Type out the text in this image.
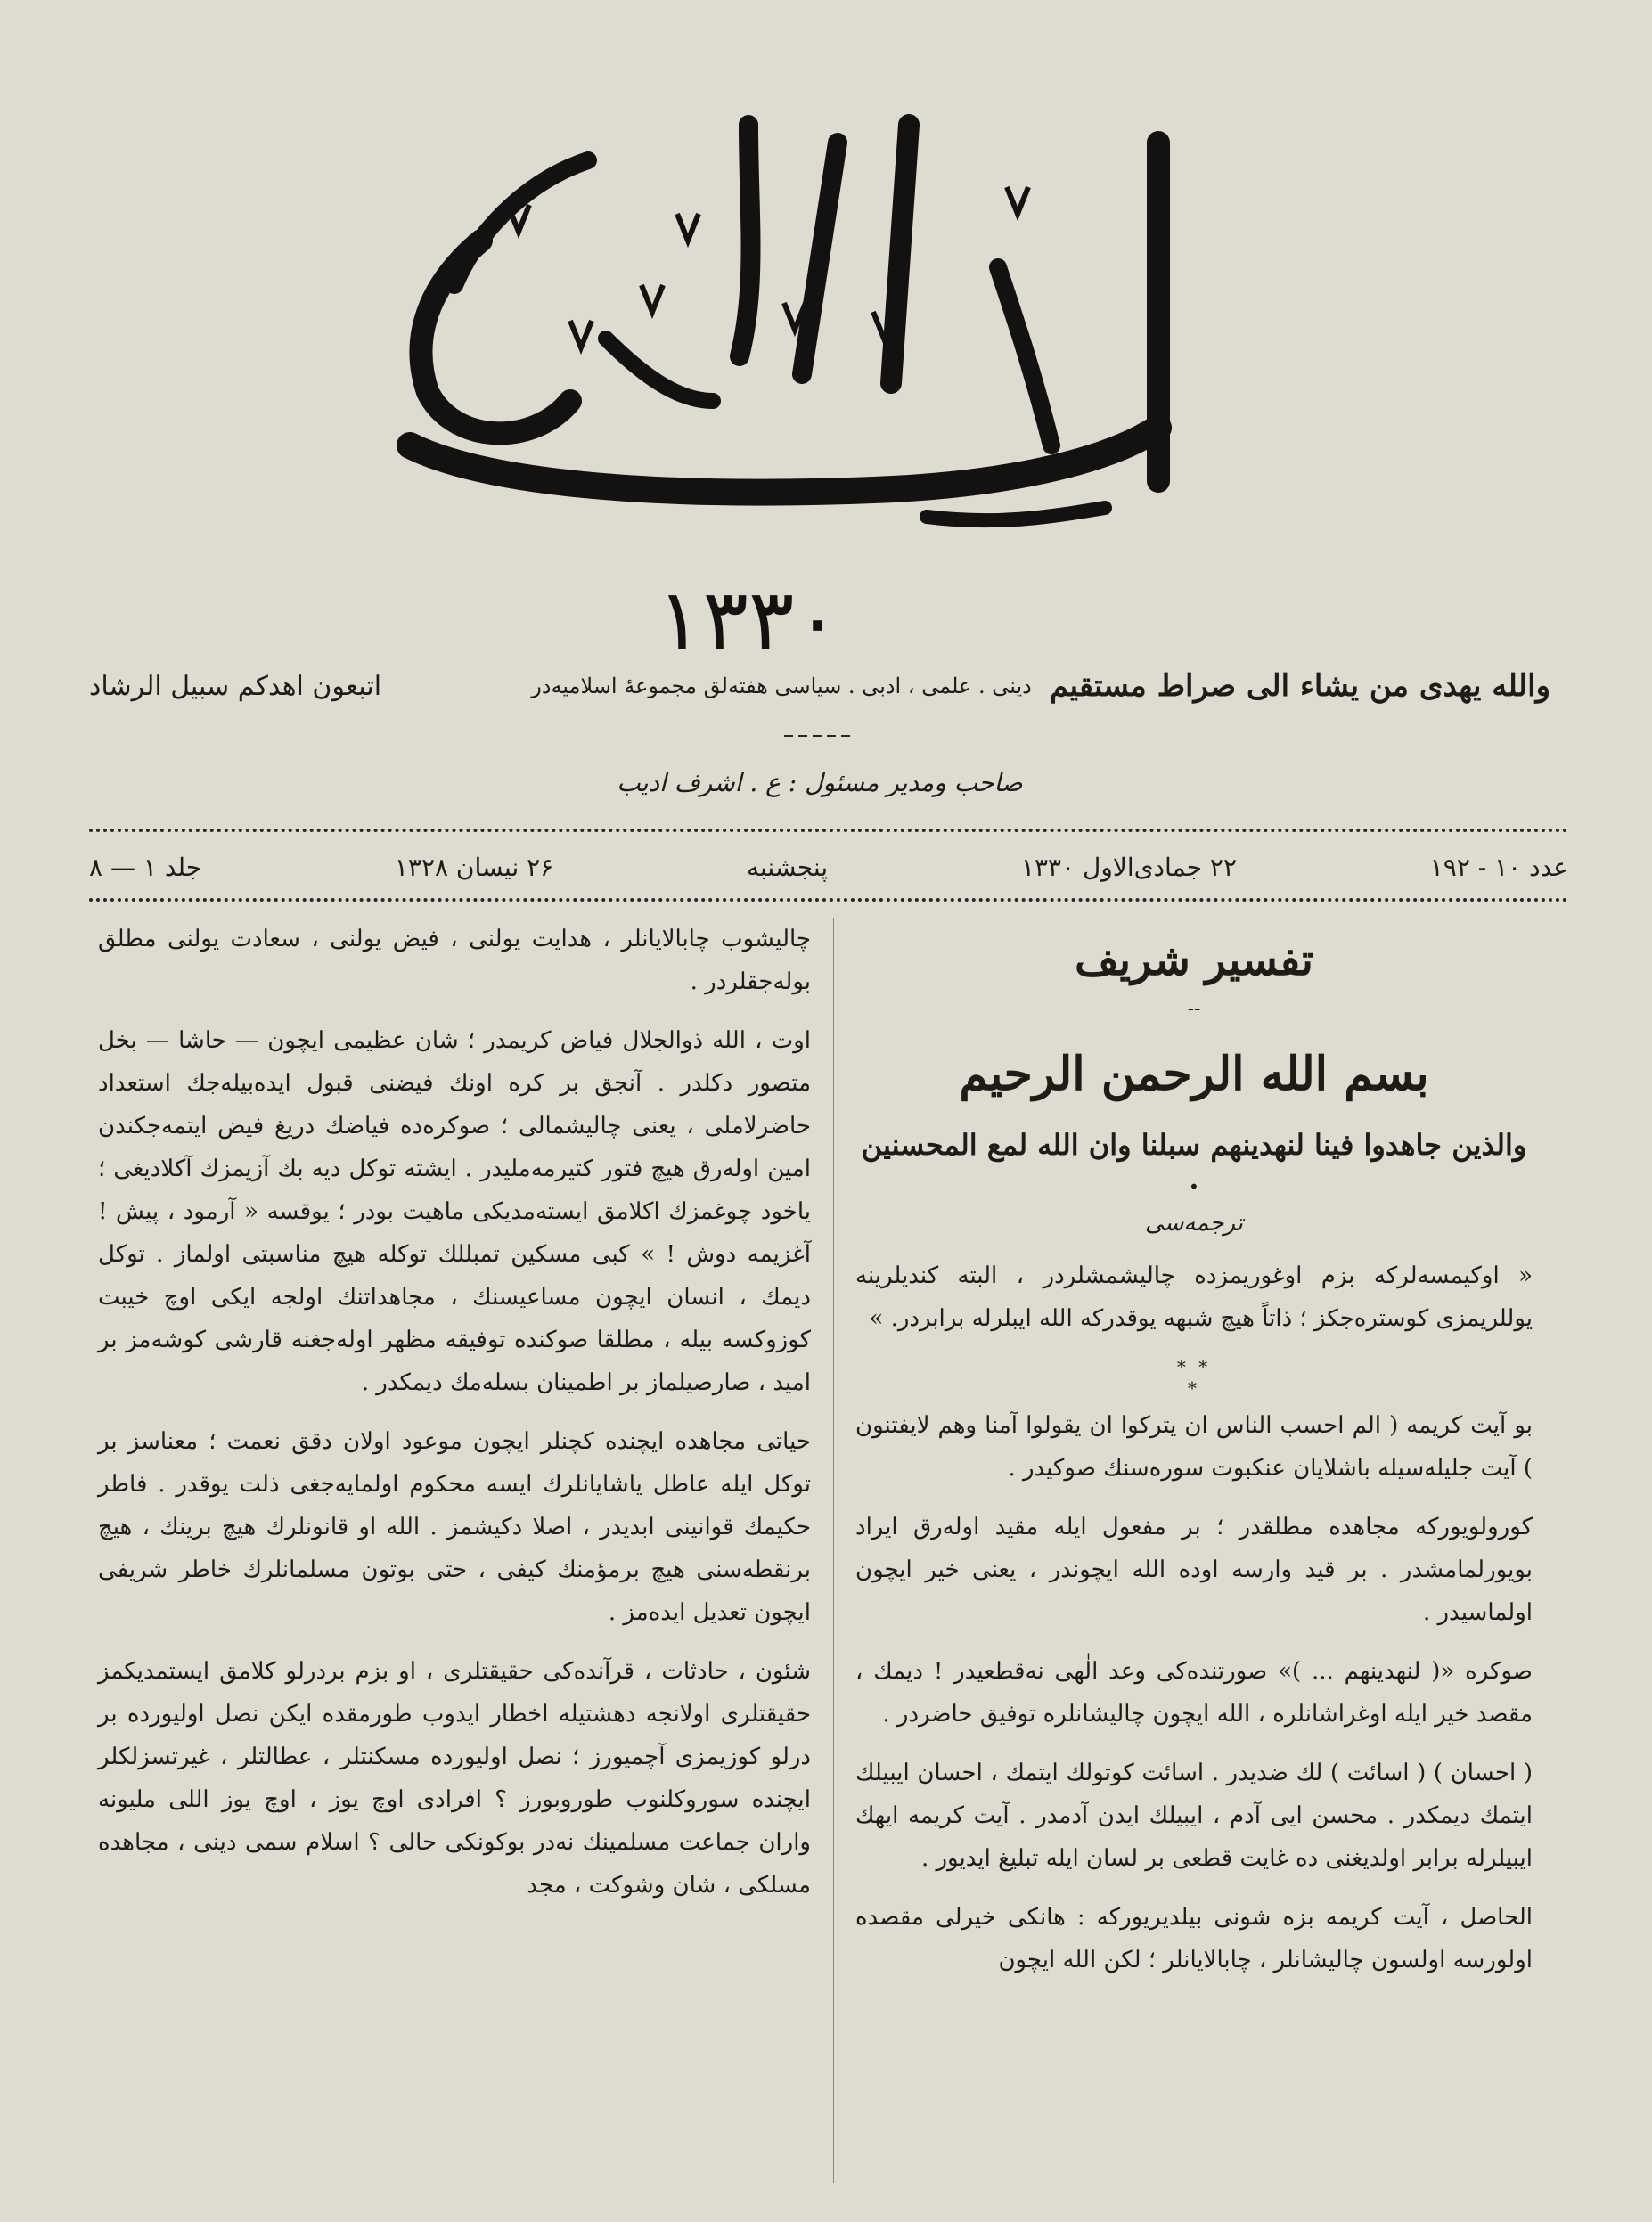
۱۳۳۰
والله يهدى من يشاء الى صراط مستقيم
دينى . علمى ، ادبى . سياسى هفته‌لق مجموعهٔ اسلاميه‌در
اتبعون اهدكم سبيل الرشاد
صاحب ومدير مسئول : ع . اشرف اديب
عدد ۱۰ - ۱۹۲
۲۲ جمادى‌الاول ۱۳۳۰
پنجشنبه
۲۶ نيسان ۱۳۲۸
جلد ۱ — ۸
تفسير شريف
--
بسم الله الرحمن الرحيم
والذين جاهدوا فينا لنهدينهم سبلنا وان الله لمع المحسنين .
ترجمه‌سى

« اوكيمسه‌لركه بزم اوغوريمزده چاليشمشلردر ، البته كنديلرينه يوللريمزى كوستره‌جكز ؛ ذاتاً هيچ شبهه يوقدركه الله ايبلرله برابردر. »

* *
*

بو آيت كريمه ( الم احسب الناس ان يتركوا ان يقولوا آمنا وهم لايفتنون ) آيت جليله‌سيله باشلايان عنكبوت سوره‌سنك صوكيدر .

كورولويوركه مجاهده مطلقدر ؛ بر مفعول ايله مقيد اوله‌رق ايراد بويورلمامشدر . بر قيد وارسه اوده الله ايچوندر ، يعنى خير ايچون اولماسيدر .

صوكره «( لنهدينهم ... )» صورتنده‌كى وعد الٰهى نه‌قطعيدر ! ديمك ، مقصد خير ايله اوغراشانلره ، الله ايچون چاليشانلره توفيق حاضردر .

( احسان ) ( اسائت ) لك ضديدر . اسائت كوتولك ايتمك ، احسان ايبيلك ايتمك ديمكدر . محسن ايى آدم ، ايبيلك ايدن آدمدر . آيت كريمه ايهك ايبيلرله برابر اولديغنى ده غايت قطعى بر لسان ايله تبليغ ايديور .

الحاصل ، آيت كريمه بزه شونى بيلديريوركه : هانكى خيرلى مقصده اولورسه اولسون چاليشانلر ، چابالايانلر ؛ لكن الله ايچون

چاليشوب چابالايانلر ، هدايت يولنى ، فيض يولنى ، سعادت يولنى مطلق بوله‌جقلردر .

اوت ، الله ذوالجلال فياض كريمدر ؛ شان عظيمى ايچون — حاشا — بخل متصور دكلدر . آنجق بر كره اونك فيضنى قبول ايده‌بيله‌جك استعداد حاضرلاملى ، يعنى چاليشمالى ؛ صوكره‌ده فياضك دريغ فيض ايتمه‌جكندن امين اوله‌رق هيچ فتور كتيرمه‌مليدر . ايشته توكل ديه بك آزيمزك آكلاديغى ؛ ياخود چوغمزك اكلامق ايسته‌مديكى ماهيت بودر ؛ يوقسه « آرمود ، پيش ! آغزيمه دوش ! » كبى مسكين تمبللك توكله هيچ مناسبتى اولماز . توكل ديمك ، انسان ايچون مساعيسنك ، مجاهداتنك اولجه ايكى اوچ خيبت كوزوكسه بيله ، مطلقا صوكنده توفيقه مظهر اوله‌جغنه قارشى كوشه‌مز بر اميد ، صارصيلماز بر اطمينان بسله‌مك ديمكدر .

حياتى مجاهده ايچنده كچنلر ايچون موعود اولان دقق نعمت ؛ معناسز بر توكل ايله عاطل ياشايانلرك ايسه محكوم اولمايه‌جغى ذلت يوقدر . فاطر حكيمك قوانينى ابديدر ، اصلا دكيشمز . الله او قانونلرك هيچ برينك ، هيچ برنقطه‌سنى هيچ برمؤمنك كيفى ، حتى بوتون مسلمانلرك خاطر شريفى ايچون تعديل ايده‌مز .

شئون ، حادثات ، قرآنده‌كى حقيقتلرى ، او بزم بردرلو كلامق ايستمديكمز حقيقتلرى اولانجه دهشتيله اخطار ايدوب طورمقده ايكن نصل اوليورده بر درلو كوزيمزى آچميورز ؛ نصل اوليورده مسكنتلر ، عطالتلر ، غيرتسزلكلر ايچنده سوروكلنوب طوروبورز ؟ افرادى اوچ يوز ، اوچ يوز اللى مليونه واران جماعت مسلمينك نه‌در بوكونكى حالى ؟ اسلام سمى دينى ، مجاهده مسلكى ، شان وشوكت ، مجد
